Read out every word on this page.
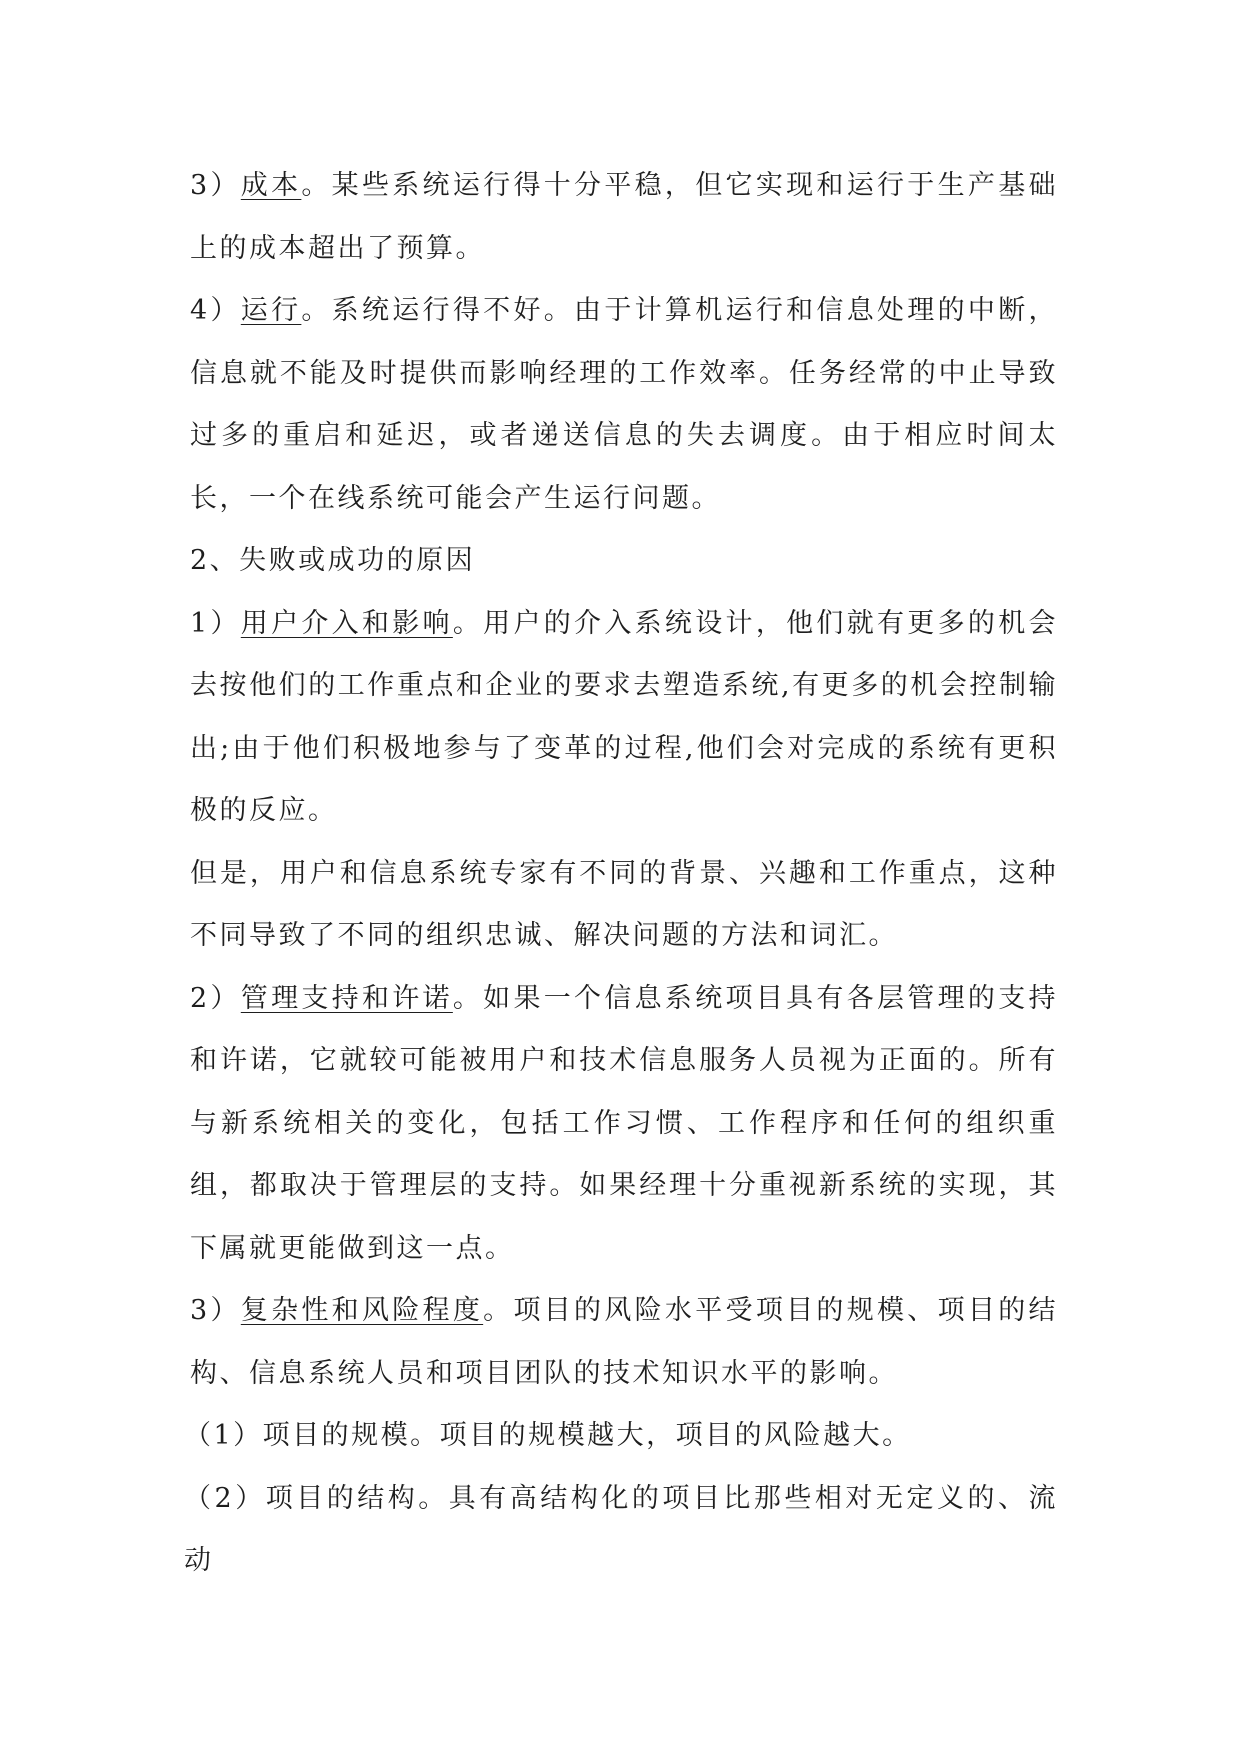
3）成本。某些系统运行得十分平稳，但它实现和运行于生产基础上的成本超出了预算。

4）运行。系统运行得不好。由于计算机运行和信息处理的中断，信息就不能及时提供而影响经理的工作效率。任务经常的中止导致过多的重启和延迟，或者递送信息的失去调度。由于相应时间太长，一个在线系统可能会产生运行问题。

2、失败或成功的原因

1）用户介入和影响。用户的介入系统设计，他们就有更多的机会去按他们的工作重点和企业的要求去塑造系统,有更多的机会控制输出;由于他们积极地参与了变革的过程,他们会对完成的系统有更积极的反应。

但是，用户和信息系统专家有不同的背景、兴趣和工作重点，这种不同导致了不同的组织忠诚、解决问题的方法和词汇。

2）管理支持和许诺。如果一个信息系统项目具有各层管理的支持和许诺，它就较可能被用户和技术信息服务人员视为正面的。所有与新系统相关的变化，包括工作习惯、工作程序和任何的组织重组，都取决于管理层的支持。如果经理十分重视新系统的实现，其下属就更能做到这一点。

3）复杂性和风险程度。项目的风险水平受项目的规模、项目的结构、信息系统人员和项目团队的技术知识水平的影响。

（1）项目的规模。项目的规模越大，项目的风险越大。

（2）项目的结构。具有高结构化的项目比那些相对无定义的、流动
